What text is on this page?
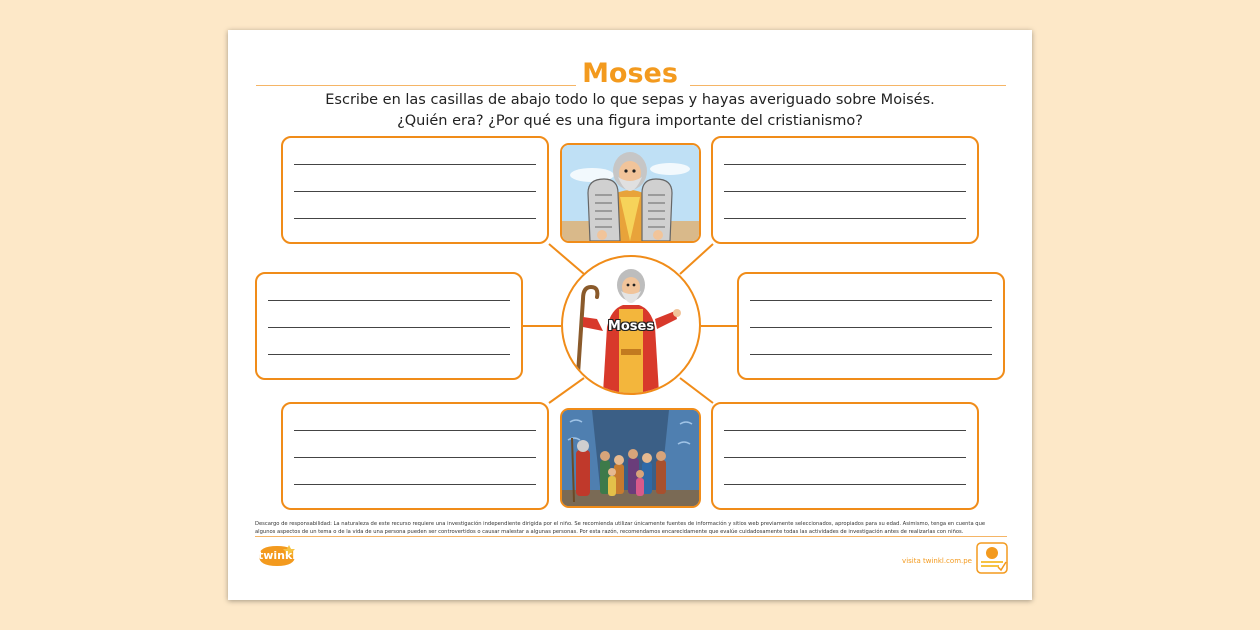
Moses
Escribe en las casillas de abajo todo lo que sepas y hayas averiguado sobre Moisés. ¿Quién era? ¿Por qué es una figura importante del cristianismo?
Moses
Descargo de responsabilidad: La naturaleza de este recurso requiere una investigación independiente dirigida por el niño. Se recomienda utilizar únicamente fuentes de información y sitios web previamente seleccionados, apropiados para su edad. Asimismo, tenga en cuenta que algunos aspectos de un tema o de la vida de una persona pueden ser controvertidos o causar malestar a algunas personas. Por esta razón, recomendamos encarecidamente que evalúe cuidadosamente todas las actividades de investigación antes de realizarlas con niños.
twinkl	visita twinkl.com.pe
